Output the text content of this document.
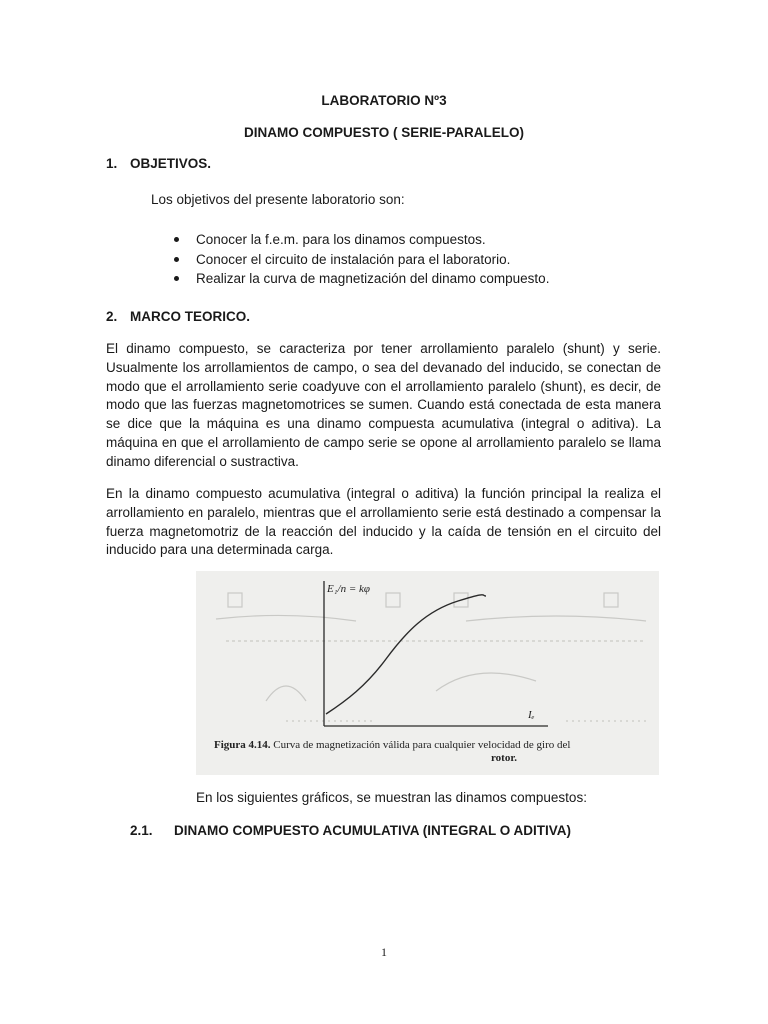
LABORATORIO Nº3
DINAMO COMPUESTO ( SERIE-PARALELO)
1. OBJETIVOS.
Los objetivos del presente laboratorio son:
Conocer la f.e.m. para los dinamos compuestos.
Conocer el circuito de instalación para el laboratorio.
Realizar la curva de magnetización del dinamo compuesto.
2. MARCO TEORICO.
El dinamo compuesto, se caracteriza por tener arrollamiento paralelo (shunt) y serie. Usualmente los arrollamientos de campo, o sea del devanado del inducido, se conectan de modo que el arrollamiento serie coadyuve con el arrollamiento paralelo (shunt), es decir, de modo que las fuerzas magnetomotrices se sumen. Cuando está conectada de esta manera se dice que la máquina es una dinamo compuesta acumulativa (integral o aditiva). La máquina en que el arrollamiento de campo serie se opone al arrollamiento paralelo se llama dinamo diferencial o sustractiva.
En la dinamo compuesto acumulativa (integral o aditiva) la función principal la realiza el arrollamiento en paralelo, mientras que el arrollamiento serie está destinado a compensar la fuerza magnetomotriz de la reacción del inducido y la caída de tensión en el circuito del inducido para una determinada carga.
E₁/n = kφ
Iₑ
Figura 4.14. Curva de magnetización válida para cualquier velocidad de giro del
rotor.
En los siguientes gráficos, se muestran las dinamos compuestos:
2.1. DINAMO COMPUESTO ACUMULATIVA (INTEGRAL O ADITIVA)
1
